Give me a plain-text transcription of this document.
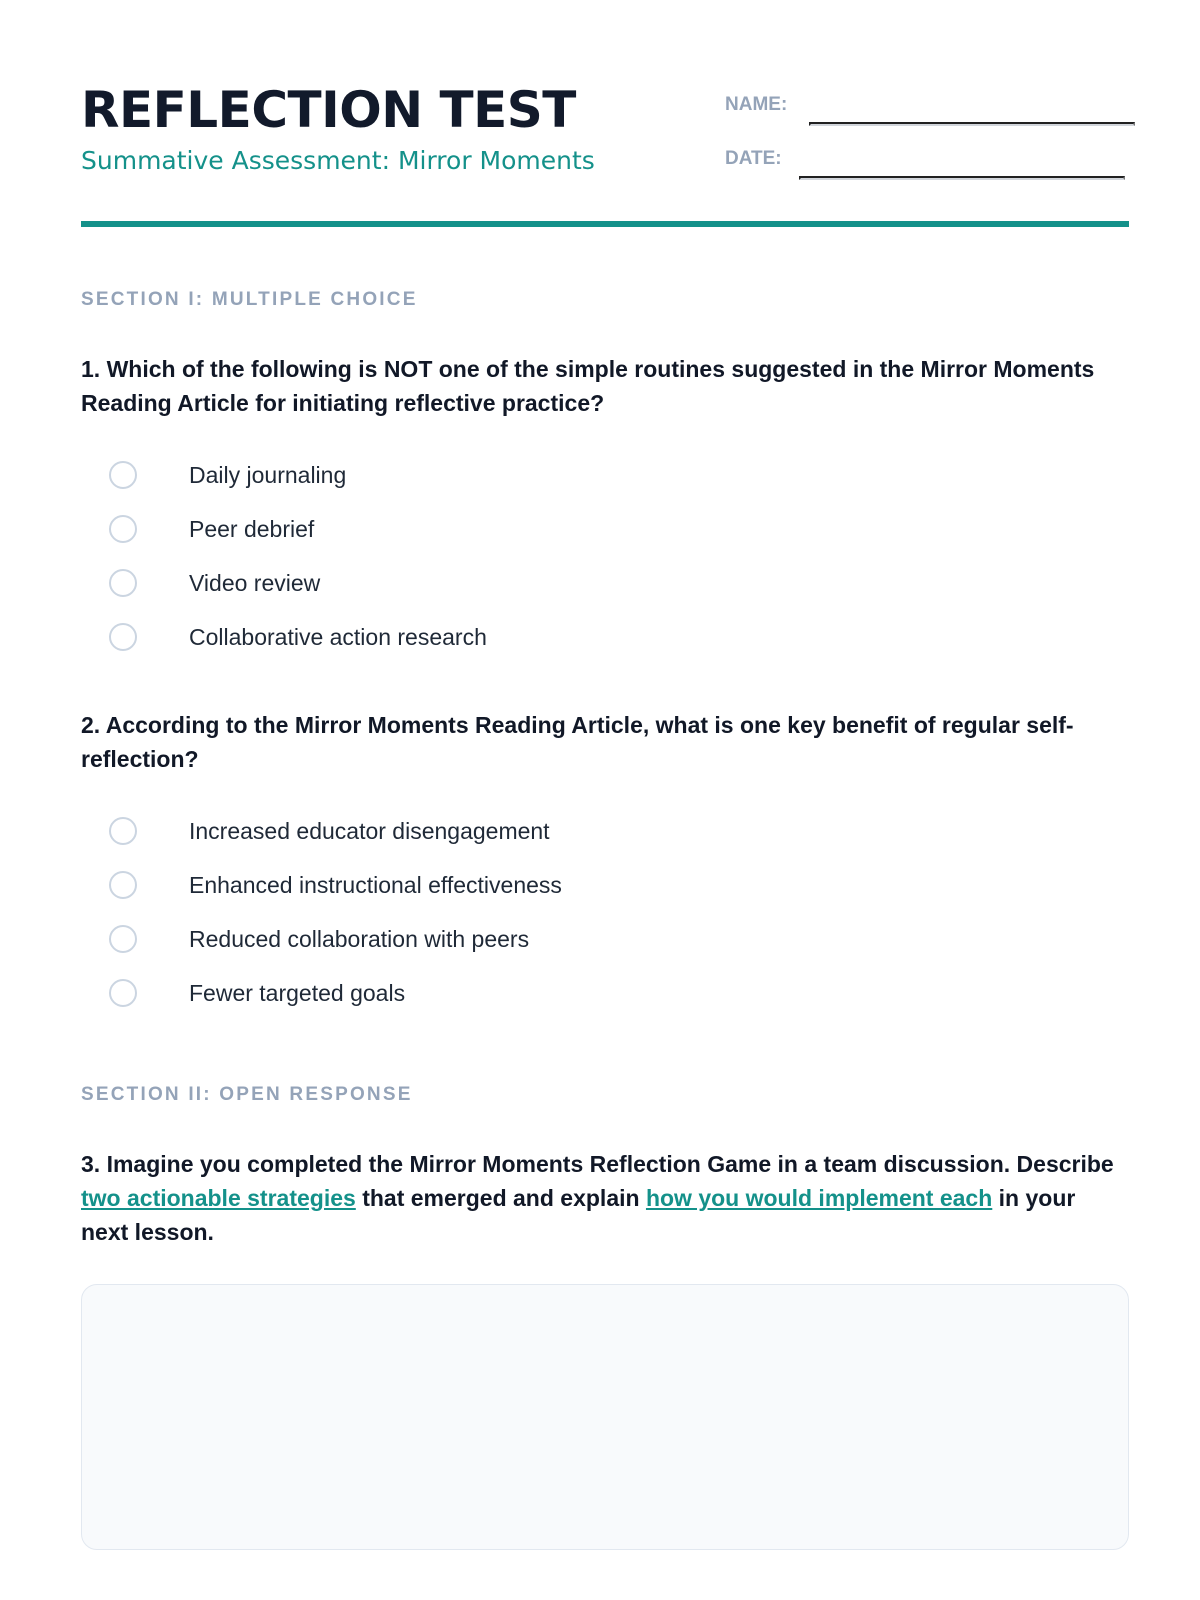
REFLECTION TEST

Summative Assessment: Mirror Moments

NAME:
DATE:
SECTION I: MULTIPLE CHOICE

1. Which of the following is NOT one of the simple routines suggested in the Mirror Moments Reading Article for initiating reflective practice?

Daily journaling
Peer debrief
Video review
Collaborative action research

2. According to the Mirror Moments Reading Article, what is one key benefit of regular self-reflection?

Increased educator disengagement
Enhanced instructional effectiveness
Reduced collaboration with peers
Fewer targeted goals
SECTION II: OPEN RESPONSE

3. Imagine you completed the Mirror Moments Reflection Game in a team discussion. Describe two actionable strategies that emerged and explain how you would implement each in your next lesson.
